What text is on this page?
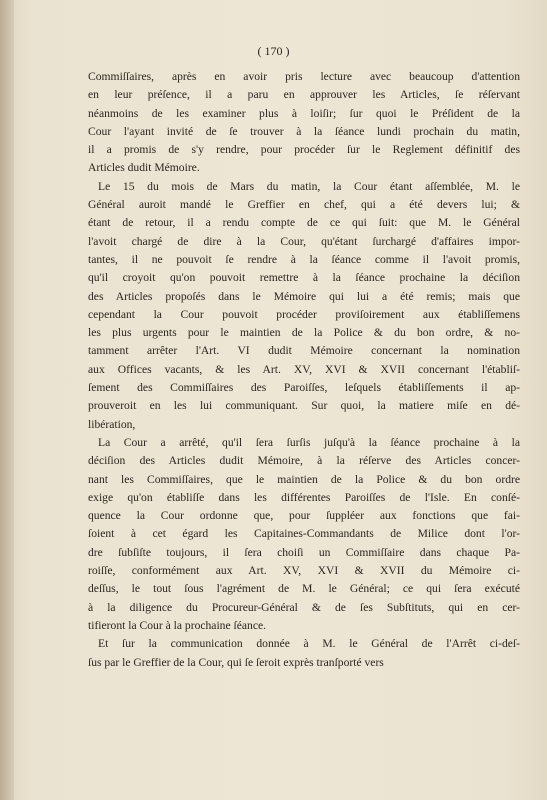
( 170 )
Commiſſaires, après en avoir pris lecture avec beaucoup d'attention
en leur préſence, il a paru en approuver les Articles, ſe réſervant
néanmoins de les examiner plus à loiſir; ſur quoi le Préſident de la
Cour l'ayant invité de ſe trouver à la ſéance lundi prochain du matin,
il a promis de s'y rendre, pour procéder ſur le Reglement définitif des
Articles dudit Mémoire.
Le 15 du mois de Mars du matin, la Cour étant aſſemblée, M. le
Général auroit mandé le Greffier en chef, qui a été devers lui; &
étant de retour, il a rendu compte de ce qui ſuit: que M. le Général
l'avoit chargé de dire à la Cour, qu'étant ſurchargé d'affaires impor-
tantes, il ne pouvoit ſe rendre à la ſéance comme il l'avoit promis,
qu'il croyoit qu'on pouvoit remettre à la ſéance prochaine la déciſion
des Articles propoſés dans le Mémoire qui lui a été remis; mais que
cependant la Cour pouvoit procéder proviſoirement aux établiſſemens
les plus urgents pour le maintien de la Police & du bon ordre, & no-
tamment arrêter l'Art. VI dudit Mémoire concernant la nomination
aux Offices vacants, & les Art. XV, XVI & XVII concernant l'établiſ-
ſement des Commiſſaires des Paroiſſes, leſquels établiſſements il ap-
prouveroit en les lui communiquant. Sur quoi, la matiere miſe en dé-
libération,
La Cour a arrêté, qu'il ſera ſurſis juſqu'à la ſéance prochaine à la
déciſion des Articles dudit Mémoire, à la réſerve des Articles concer-
nant les Commiſſaires, que le maintien de la Police & du bon ordre
exige qu'on établiſſe dans les différentes Paroiſſes de l'Isle. En conſé-
quence la Cour ordonne que, pour ſuppléer aux fonctions que fai-
ſoient à cet égard les Capitaines-Commandants de Milice dont l'or-
dre ſubſiſte toujours, il ſera choiſi un Commiſſaire dans chaque Pa-
roiſſe, conformément aux Art. XV, XVI & XVII du Mémoire ci-
deſſus, le tout ſous l'agrément de M. le Général; ce qui ſera exécuté
à la diligence du Procureur-Général & de ſes Subſtituts, qui en cer-
tifieront la Cour à la prochaine ſéance.
Et ſur la communication donnée à M. le Général de l'Arrêt ci-deſ-
ſus par le Greffier de la Cour, qui ſe ſeroit exprès tranſporté vers
